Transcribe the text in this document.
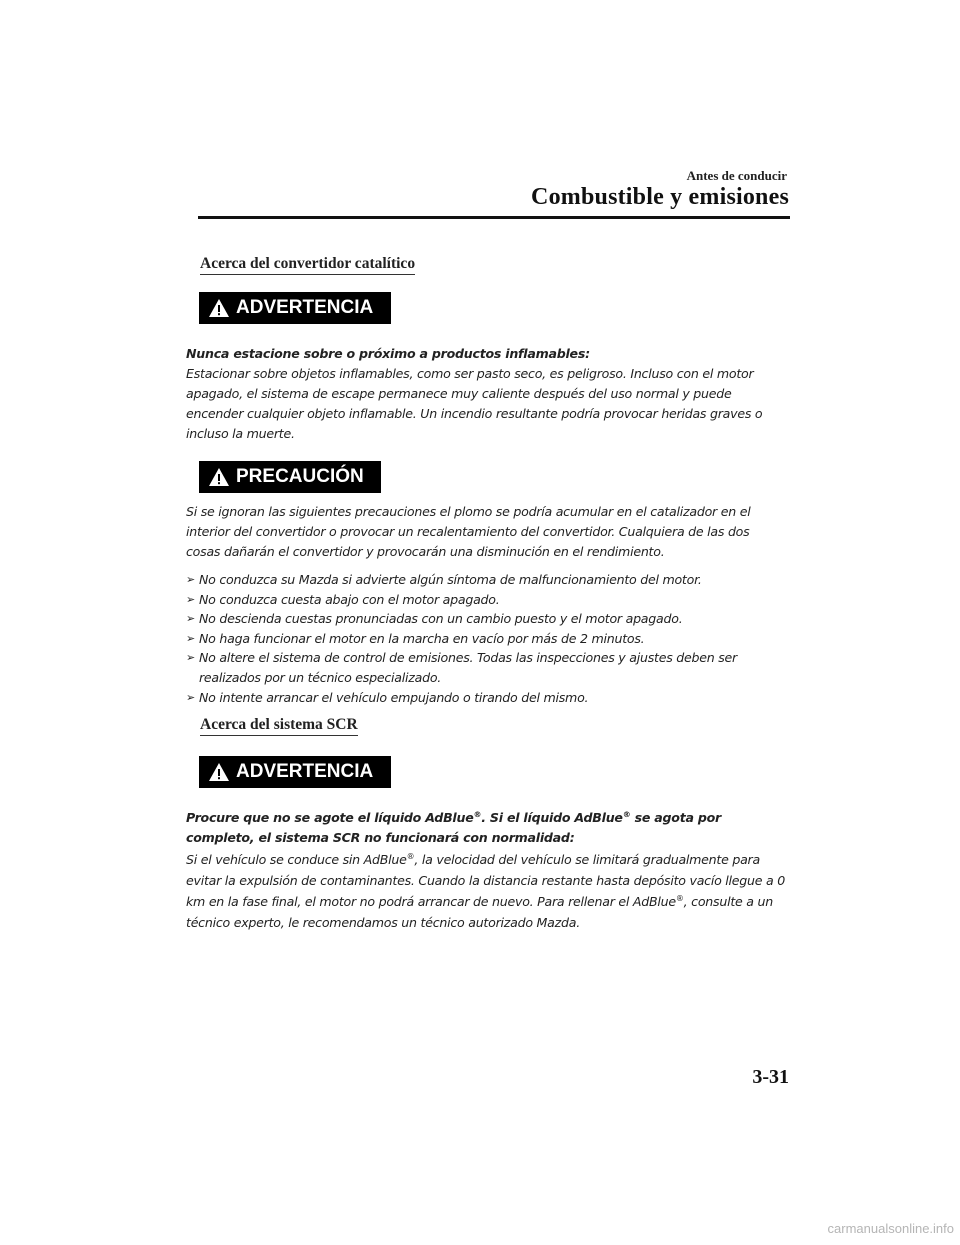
Antes de conducir
Combustible y emisiones
Acerca del convertidor catalítico
ADVERTENCIA

Nunca estacione sobre o próximo a productos inflamables:

Estacionar sobre objetos inflamables, como ser pasto seco, es peligroso. Incluso con el motor apagado, el sistema de escape permanece muy caliente después del uso normal y puede encender cualquier objeto inflamable. Un incendio resultante podría provocar heridas graves o incluso la muerte.

PRECAUCIÓN

Si se ignoran las siguientes precauciones el plomo se podría acumular en el catalizador en el interior del convertidor o provocar un recalentamiento del convertidor. Cualquiera de las dos cosas dañarán el convertidor y provocarán una disminución en el rendimiento.

➢ No conduzca su Mazda si advierte algún síntoma de malfuncionamiento del motor.
➢ No conduzca cuesta abajo con el motor apagado.
➢ No descienda cuestas pronunciadas con un cambio puesto y el motor apagado.
➢ No haga funcionar el motor en la marcha en vacío por más de 2 minutos.
➢ No altere el sistema de control de emisiones. Todas las inspecciones y ajustes deben ser realizados por un técnico especializado.
➢ No intente arrancar el vehículo empujando o tirando del mismo.
Acerca del sistema SCR
ADVERTENCIA

Procure que no se agote el líquido AdBlue®. Si el líquido AdBlue® se agota por completo, el sistema SCR no funcionará con normalidad:

Si el vehículo se conduce sin AdBlue®, la velocidad del vehículo se limitará gradualmente para evitar la expulsión de contaminantes. Cuando la distancia restante hasta depósito vacío llegue a 0 km en la fase final, el motor no podrá arrancar de nuevo. Para rellenar el AdBlue®, consulte a un técnico experto, le recomendamos un técnico autorizado Mazda.

3-31
carmanualsonline.info
